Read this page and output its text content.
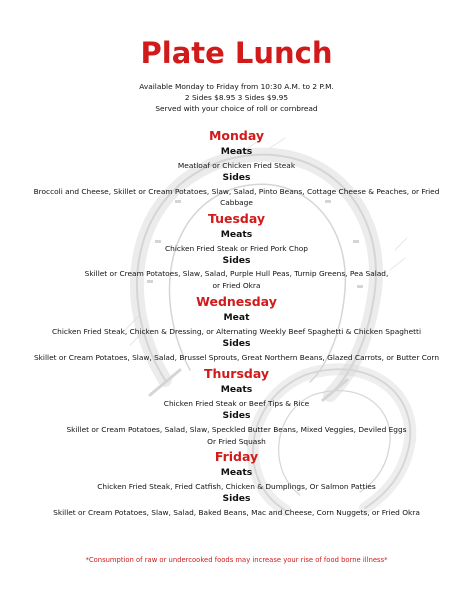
Plate Lunch
Available Monday to Friday from 10:30 A.M. to 2 P.M.
2 Sides $8.95 3 Sides $9.95
Served with your choice of roll or cornbread
Monday
Meats
Meatloaf or Chicken Fried Steak
Sides
Broccoli and Cheese, Skillet or Cream Potatoes, Slaw, Salad, Pinto Beans, Cottage Cheese & Peaches, or Fried
Cabbage
Tuesday
Meats
Chicken Fried Steak or Fried Pork Chop
Sides
Skillet or Cream Potatoes, Slaw, Salad, Purple Hull Peas, Turnip Greens, Pea Salad,
or Fried Okra
Wednesday
Meat
Chicken Fried Steak, Chicken & Dressing, or Alternating Weekly Beef Spaghetti & Chicken Spaghetti
Sides
Skillet or Cream Potatoes, Slaw, Salad, Brussel Sprouts, Great Northern Beans, Glazed Carrots, or Butter Corn
Thursday
Meats
Chicken Fried Steak or Beef Tips & Rice
Sides
Skillet or Cream Potatoes, Salad, Slaw, Speckled Butter Beans, Mixed Veggies, Deviled Eggs
Or Fried Squash
Friday
Meats
Chicken Fried Steak, Fried Catfish, Chicken & Dumplings, Or Salmon Patties
Sides
Skillet or Cream Potatoes, Slaw, Salad, Baked Beans, Mac and Cheese, Corn Nuggets, or Fried Okra
*Consumption of raw or undercooked foods may increase your rise of food borne illness*
